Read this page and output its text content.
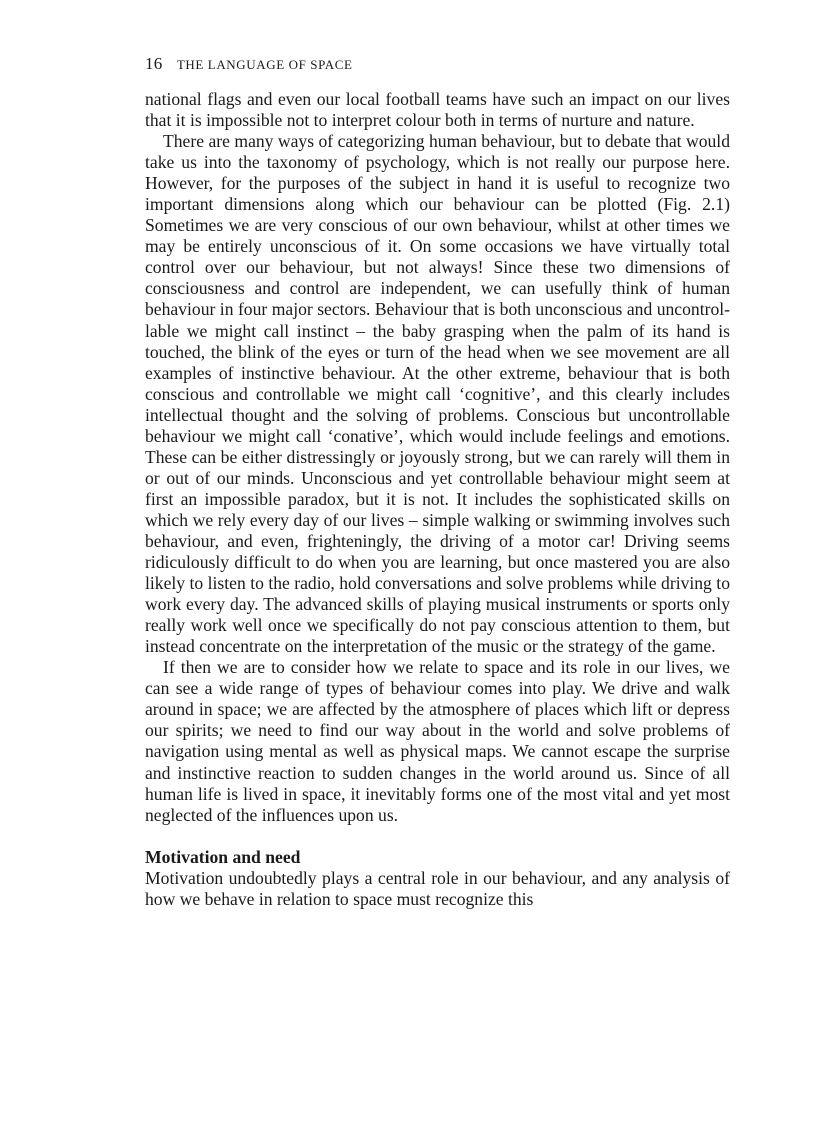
16 THE LANGUAGE OF SPACE

national flags and even our local football teams have such an impact on our lives that it is impossible not to interpret colour both in terms of nurture and nature.

There are many ways of categorizing human behaviour, but to debate that would take us into the taxonomy of psychology, which is not really our purpose here. However, for the purposes of the subject in hand it is useful to recognize two important dimensions along which our behaviour can be plotted (Fig. 2.1) Sometimes we are very conscious of our own behaviour, whilst at other times we may be entirely unconscious of it. On some occasions we have virtually total control over our behaviour, but not always! Since these two dimensions of consciousness and control are independent, we can usefully think of human behaviour in four major sectors. Behaviour that is both unconscious and uncontrollable we might call instinct – the baby grasping when the palm of its hand is touched, the blink of the eyes or turn of the head when we see movement are all examples of instinctive behaviour. At the other extreme, behaviour that is both conscious and controllable we might call ‘cognitive’, and this clearly includes intellectual thought and the solving of problems. Conscious but uncontrollable behaviour we might call ‘conative’, which would include feelings and emotions. These can be either distressingly or joyously strong, but we can rarely will them in or out of our minds. Unconscious and yet controllable behaviour might seem at first an impossible paradox, but it is not. It includes the sophisticated skills on which we rely every day of our lives – simple walking or swimming involves such behaviour, and even, frighteningly, the driving of a motor car! Driving seems ridiculously difficult to do when you are learning, but once mastered you are also likely to listen to the radio, hold conversations and solve problems while driving to work every day. The advanced skills of playing musical instruments or sports only really work well once we specifically do not pay conscious attention to them, but instead concentrate on the interpretation of the music or the strategy of the game.

If then we are to consider how we relate to space and its role in our lives, we can see a wide range of types of behaviour comes into play. We drive and walk around in space; we are affected by the atmosphere of places which lift or depress our spirits; we need to find our way about in the world and solve problems of navigation using mental as well as physical maps. We cannot escape the surprise and instinctive reaction to sudden changes in the world around us. Since of all human life is lived in space, it inevitably forms one of the most vital and yet most neglected of the influences upon us.

Motivation and need

Motivation undoubtedly plays a central role in our behaviour, and any analysis of how we behave in relation to space must recognize this
